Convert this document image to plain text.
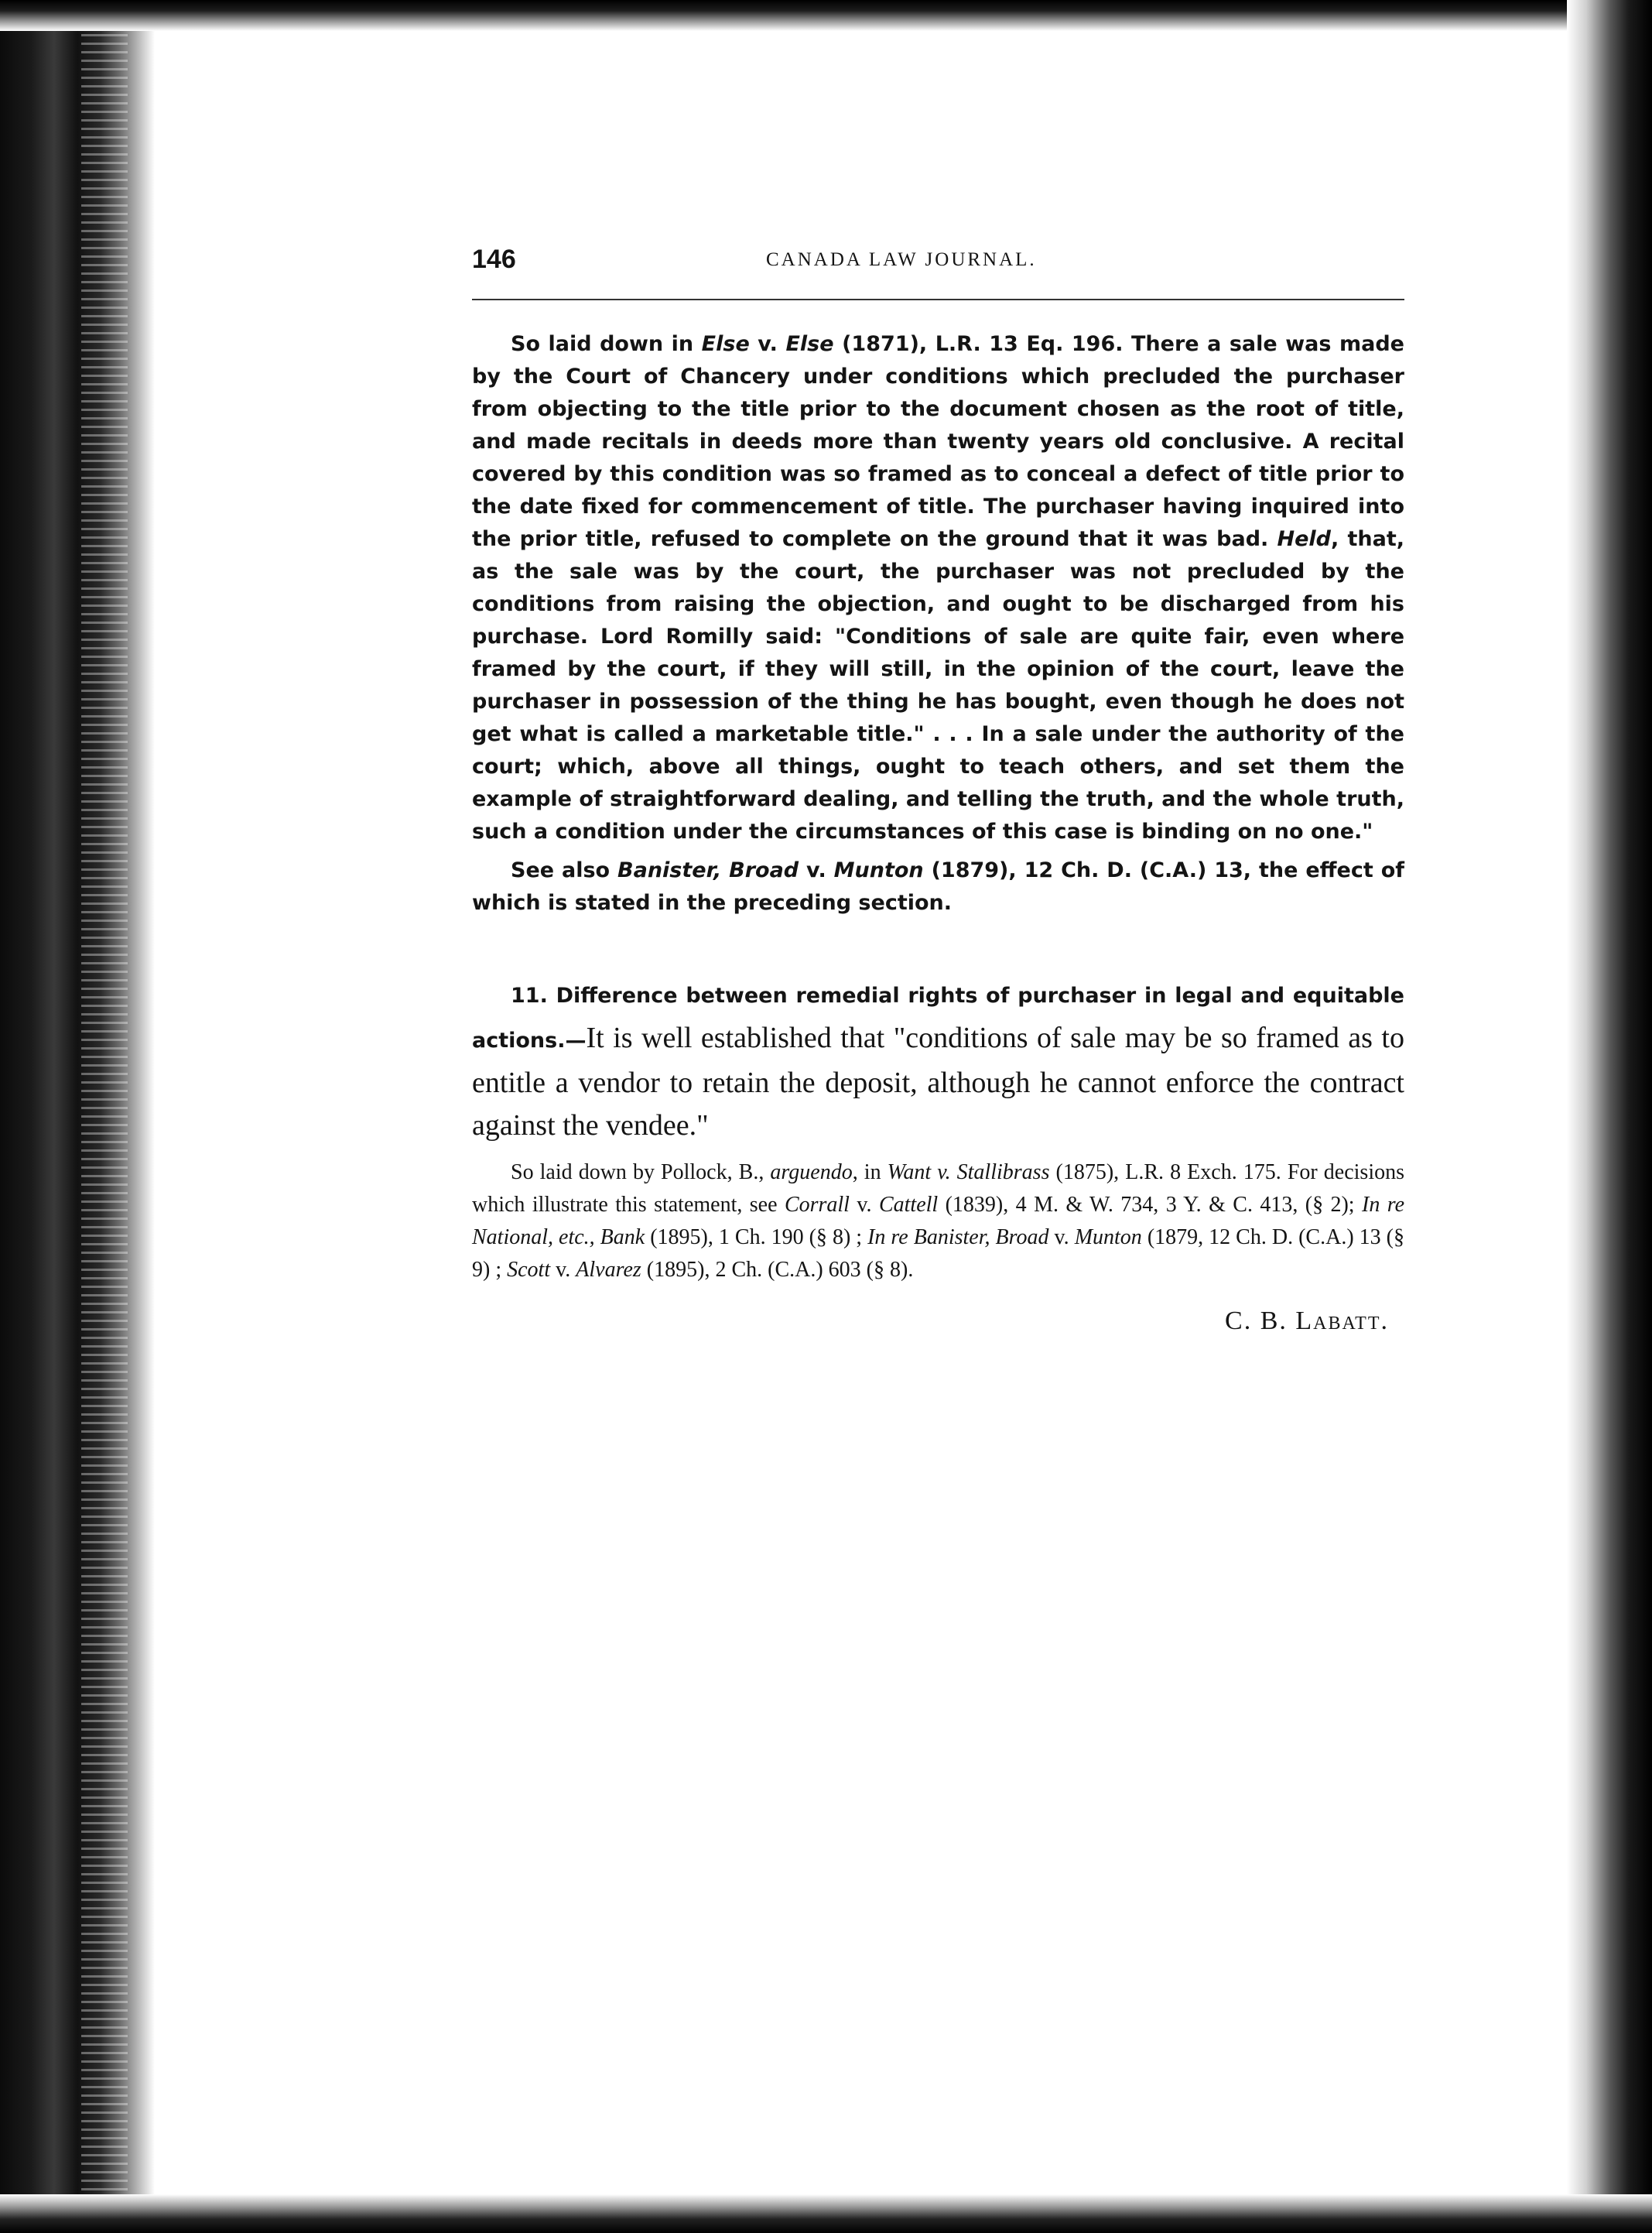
146	CANADA LAW JOURNAL.

So laid down in Else v. Else (1871), L.R. 13 Eq. 196. There a sale was made by the Court of Chancery under conditions which precluded the purchaser from objecting to the title prior to the document chosen as the root of title, and made recitals in deeds more than twenty years old conclusive. A recital covered by this condition was so framed as to conceal a defect of title prior to the date fixed for commencement of title. The purchaser having inquired into the prior title, refused to complete on the ground that it was bad. Held, that, as the sale was by the court, the purchaser was not precluded by the conditions from raising the objection, and ought to be discharged from his purchase. Lord Romilly said: "Conditions of sale are quite fair, even where framed by the court, if they will still, in the opinion of the court, leave the purchaser in possession of the thing he has bought, even though he does not get what is called a marketable title." . . . In a sale under the authority of the court; which, above all things, ought to teach others, and set them the example of straightforward dealing, and telling the truth, and the whole truth, such a condition under the circumstances of this case is binding on no one."

See also Banister, Broad v. Munton (1879), 12 Ch. D. (C.A.) 13, the effect of which is stated in the preceding section.

11. Difference between remedial rights of purchaser in legal and equitable actions.—It is well established that "conditions of sale may be so framed as to entitle a vendor to retain the deposit, although he cannot enforce the contract against the vendee."

So laid down by Pollock, B., arguendo, in Want v. Stallibrass (1875), L.R. 8 Exch. 175. For decisions which illustrate this statement, see Corrall v. Cattell (1839), 4 M. & W. 734, 3 Y. & C. 413, (§ 2); In re National, etc., Bank (1895), 1 Ch. 190 (§ 8) ; In re Banister, Broad v. Munton (1879, 12 Ch. D. (C.A.) 13 (§ 9) ; Scott v. Alvarez (1895), 2 Ch. (C.A.) 603 (§ 8).

C. B. Labatt.
